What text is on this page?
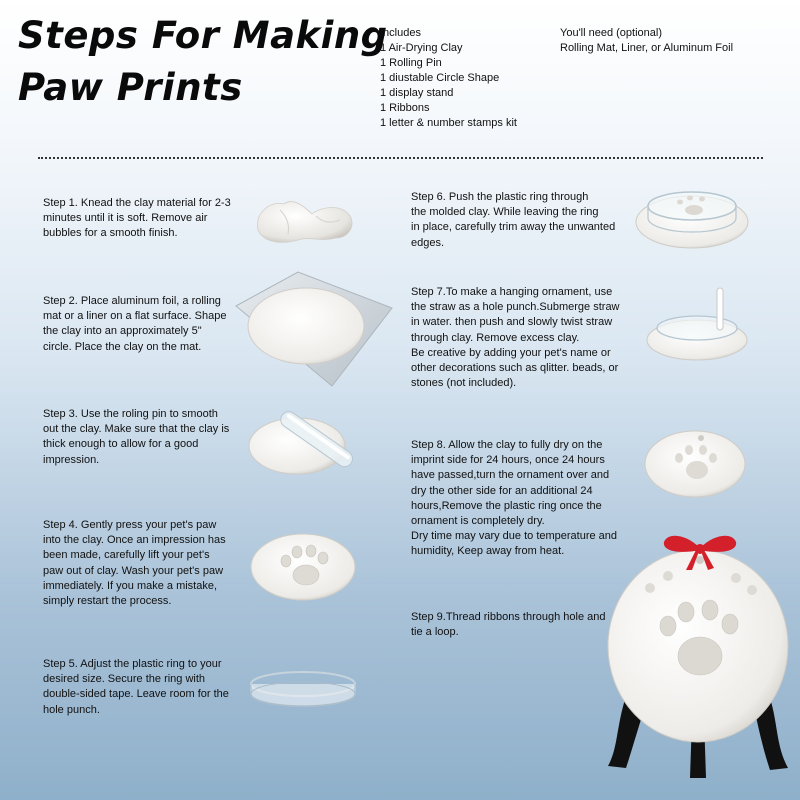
Steps For Making
Paw Prints
Includes
1 Air-Drying Clay
1 Rolling Pin
1 diustable Circle Shape
1 display stand
1 Ribbons
1 letter & number stamps kit
You'll need (optional)
Rolling Mat, Liner, or Aluminum Foil
Step 1. Knead the clay material for 2-3
minutes until it is soft. Remove air
bubbles for a smooth finish.
Step 2. Place aluminum foil, a rolling
mat or a liner on a flat surface. Shape
the clay into an approximately 5"
circle. Place the clay on the mat.
Step 3. Use the roling pin to smooth
out the clay. Make sure that the clay is
thick enough to allow for a good
impression.
Step 4. Gently press your pet's paw
into the clay. Once an impression has
been made, carefully lift your pet's
paw out of clay. Wash your pet's paw
immediately. If you make a mistake,
simply restart the process.
Step 5. Adjust the plastic ring to your
desired size. Secure the ring with
double-sided tape. Leave room for the
hole punch.
Step 6. Push the plastic ring through
the molded clay. While leaving the ring
in place, carefully trim away the unwanted
edges.
Step 7.To make a hanging ornament, use
the straw as a hole punch.Submerge straw
in water. then push and slowly twist straw
through clay. Remove excess clay.
Be creative by adding your pet's name or
other decorations such as qlitter. beads, or
stones (not included).
Step 8. Allow the clay to fully dry on the
imprint side for 24 hours, once 24 hours
have passed,turn the ornament over and
dry the other side for an additional 24
hours,Remove the plastic ring once the
ornament is completely dry.
Dry time may vary due to temperature and
humidity, Keep away from heat.
Step 9.Thread ribbons through hole and
tie a loop.
